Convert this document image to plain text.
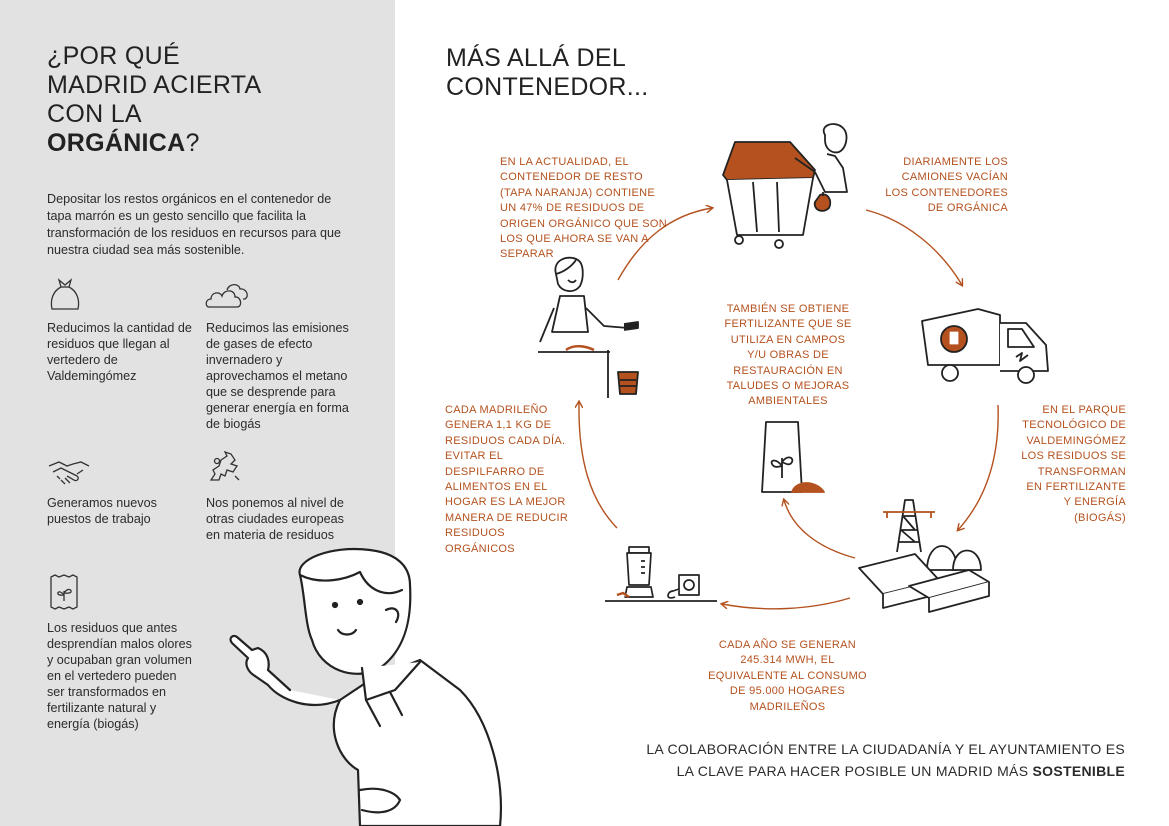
¿POR QUÉ
MADRID ACIERTA
CON LA
ORGÁNICA?
Depositar los restos orgánicos en el contenedor de tapa marrón es un gesto sencillo que facilita la transformación de los residuos en recursos para que nuestra ciudad sea más sostenible.
Reducimos la cantidad de residuos que llegan al vertedero de Valdemingómez
Reducimos las emisiones de gases de efecto invernadero y aprovechamos el metano que se desprende para generar energía en forma de biogás
Generamos nuevos puestos de trabajo
Nos ponemos al nivel de otras ciudades europeas en materia de residuos
Los residuos que antes desprendían malos olores y ocupaban gran volumen en el vertedero pueden ser transformados en fertilizante natural y energía (biogás)
MÁS ALLÁ DEL
CONTENEDOR...
EN LA ACTUALIDAD, EL CONTENEDOR DE RESTO (TAPA NARANJA) CONTIENE UN 47% DE RESIDUOS DE ORIGEN ORGÁNICO QUE SON LOS QUE AHORA SE VAN A SEPARAR
DIARIAMENTE LOS CAMIONES VACÍAN LOS CONTENEDORES DE ORGÁNICA
EN EL PARQUE TECNOLÓGICO DE VALDEMINGÓMEZ LOS RESIDUOS SE TRANSFORMAN EN FERTILIZANTE Y ENERGÍA (BIOGÁS)
CADA AÑO SE GENERAN 245.314 MWH, EL EQUIVALENTE AL CONSUMO DE 95.000 HOGARES MADRILEÑOS
CADA MADRILEÑO GENERA 1,1 KG DE RESIDUOS CADA DÍA. EVITAR EL DESPILFARRO DE ALIMENTOS EN EL HOGAR ES LA MEJOR MANERA DE REDUCIR RESIDUOS ORGÁNICOS
TAMBIÉN SE OBTIENE FERTILIZANTE QUE SE UTILIZA EN CAMPOS Y/U OBRAS DE RESTAURACIÓN EN TALUDES O MEJORAS AMBIENTALES
LA COLABORACIÓN ENTRE LA CIUDADANÍA Y EL AYUNTAMIENTO ES
LA CLAVE PARA HACER POSIBLE UN MADRID MÁS SOSTENIBLE
